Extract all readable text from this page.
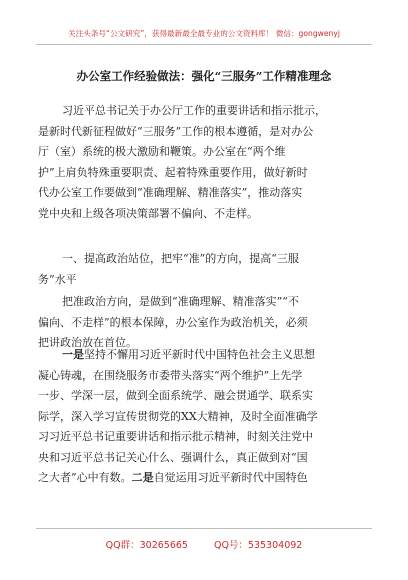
关注头条号“公文研究”，获得最新最全最专业的公文资料库！ 微信：gongwenyj
办公室工作经验做法：强化“三服务”工作精准理念
习近平总书记关于办公厅工作的重要讲话和指示批示，
是新时代新征程做好“三服务”工作的根本遵循，是对办公
厅（室）系统的极大激励和鞭策。办公室在“两个维
护”上肩负特殊重要职责、起着特殊重要作用，做好新时
代办公室工作要做到“准确理解、精准落实”，推动落实
党中央和上级各项决策部署不偏向、不走样。
一、提高政治站位，把牢“准”的方向，提高“三服
务”水平
把准政治方向，是做到“准确理解、精准落实”“不
偏向、不走样”的根本保障，办公室作为政治机关，必须
把讲政治放在首位。
一是坚持不懈用习近平新时代中国特色社会主义思想
凝心铸魂，在围绕服务市委带头落实“两个维护”上先学
一步、学深一层，做到全面系统学、融会贯通学、联系实
际学，深入学习宣传贯彻党的XX大精神，及时全面准确学
习习近平总书记重要讲话和指示批示精神，时刻关注党中
央和习近平总书记关心什么、强调什么，真正做到对“国
之大者”心中有数。二是自觉运用习近平新时代中国特色
QQ群：30265665	QQ号：535304092
